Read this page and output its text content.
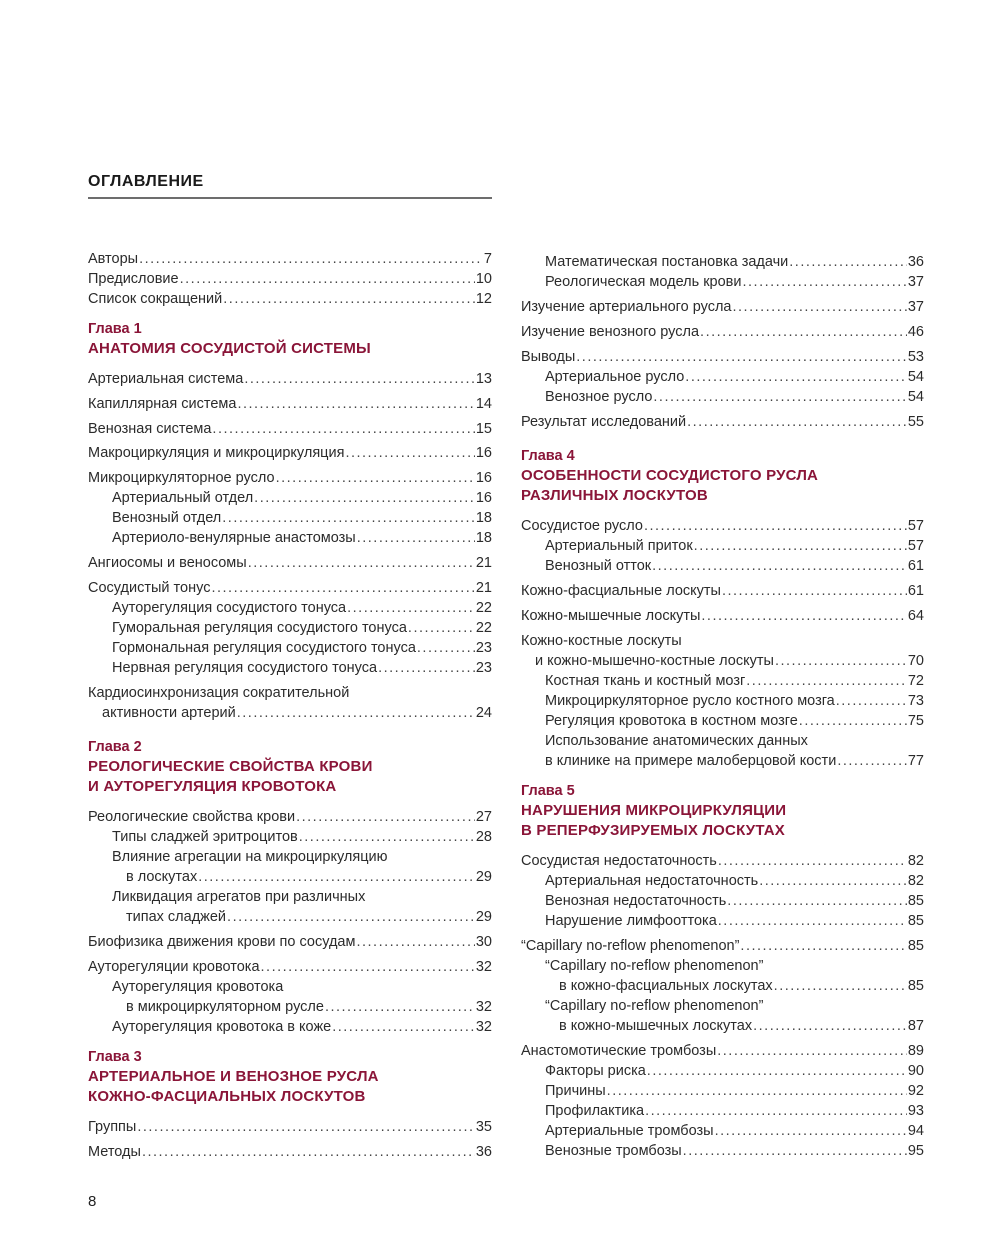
ОГЛАВЛЕНИЕ
Авторы .....	7
Предисловие .....	10
Список сокращений .....	12
Глава 1
АНАТОМИЯ СОСУДИСТОЙ СИСТЕМЫ
Артериальная система .....	13
Капиллярная система .....	14
Венозная система .....	15
Макроциркуляция и микроциркуляция .....	16
Микроциркуляторное русло .....	16
Артериальный отдел .....	16
Венозный отдел .....	18
Артериоло-венулярные анастомозы .....	18
Ангиосомы и веносомы .....	21
Сосудистый тонус .....	21
Ауторегуляция сосудистого тонуса .....	22
Гуморальная регуляция сосудистого тонуса .....	22
Гормональная регуляция сосудистого тонуса .....	23
Нервная регуляция сосудистого тонуса .....	23
Кардиосинхронизация сократительной
активности артерий .....	24
Глава 2
РЕОЛОГИЧЕСКИЕ СВОЙСТВА КРОВИ
И АУТОРЕГУЛЯЦИЯ КРОВОТОКА
Реологические свойства крови .....	27
Типы сладжей эритроцитов .....	28
Влияние агрегации на микроциркуляцию
в лоскутах .....	29
Ликвидация агрегатов при различных
типах сладжей .....	29
Биофизика движения крови по сосудам .....	30
Ауторегуляции кровотока .....	32
Ауторегуляция кровотока
в микроциркуляторном русле .....	32
Ауторегуляция кровотока в коже .....	32
Глава 3
АРТЕРИАЛЬНОЕ И ВЕНОЗНОЕ РУСЛА
КОЖНО-ФАСЦИАЛЬНЫХ ЛОСКУТОВ
Группы .....	35
Методы .....	36
Математическая постановка задачи .....	36
Реологическая модель крови .....	37
Изучение артериального русла .....	37
Изучение венозного русла .....	46
Выводы .....	53
Артериальное русло .....	54
Венозное русло .....	54
Результат исследований .....	55
Глава 4
ОСОБЕННОСТИ СОСУДИСТОГО РУСЛА
РАЗЛИЧНЫХ ЛОСКУТОВ
Сосудистое русло .....	57
Артериальный приток .....	57
Венозный отток .....	61
Кожно-фасциальные лоскуты .....	61
Кожно-мышечные лоскуты .....	64
Кожно-костные лоскуты
и кожно-мышечно-костные лоскуты .....	70
Костная ткань и костный мозг .....	72
Микроциркуляторное русло костного мозга .....	73
Регуляция кровотока в костном мозге .....	75
Использование анатомических данных
в клинике на примере малоберцовой кости .....	77
Глава 5
НАРУШЕНИЯ МИКРОЦИРКУЛЯЦИИ
В РЕПЕРФУЗИРУЕМЫХ ЛОСКУТАХ
Сосудистая недостаточность .....	82
Артериальная недостаточность .....	82
Венозная недостаточность .....	85
Нарушение лимфооттока .....	85
“Capillary no-reflow phenomenon” .....	85
“Capillary no-reflow phenomenon”
в кожно-фасциальных лоскутах .....	85
“Capillary no-reflow phenomenon”
в кожно-мышечных лоскутах .....	87
Анастомотические тромбозы .....	89
Факторы риска .....	90
Причины .....	92
Профилактика .....	93
Артериальные тромбозы .....	94
Венозные тромбозы .....	95
8
